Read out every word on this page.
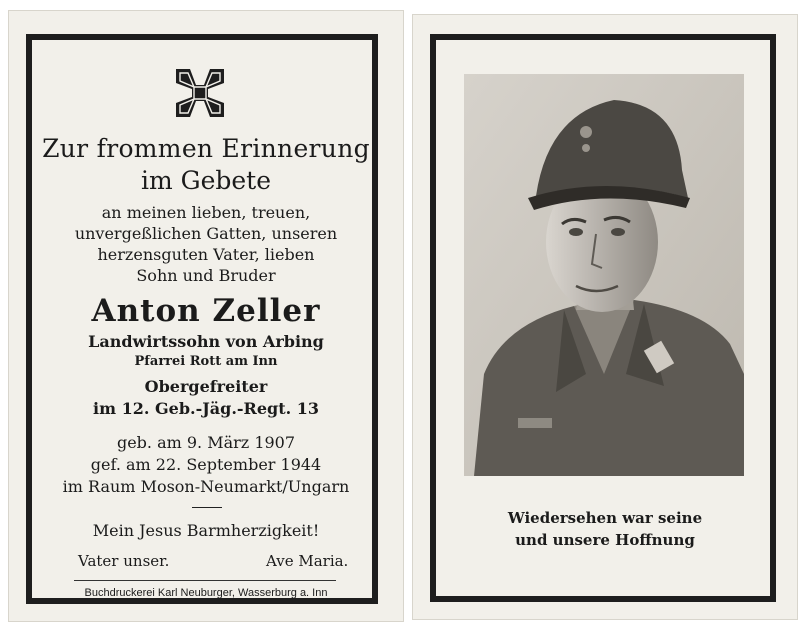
Zur frommen Erinnerung
im Gebete
an meinen lieben, treuen,
unvergeßlichen Gatten, unseren
herzensguten Vater, lieben
Sohn und Bruder
Anton Zeller
Landwirtssohn von Arbing
Pfarrei Rott am Inn
Obergefreiter
im 12. Geb.-Jäg.-Regt. 13
geb. am 9. März 1907
gef. am 22. September 1944
im Raum Moson-Neumarkt/Ungarn
Mein Jesus Barmherzigkeit!
Vater unser.	Ave Maria.
Buchdruckerei Karl Neuburger, Wasserburg a. Inn
Wiedersehen war seine
und unsere Hoffnung
